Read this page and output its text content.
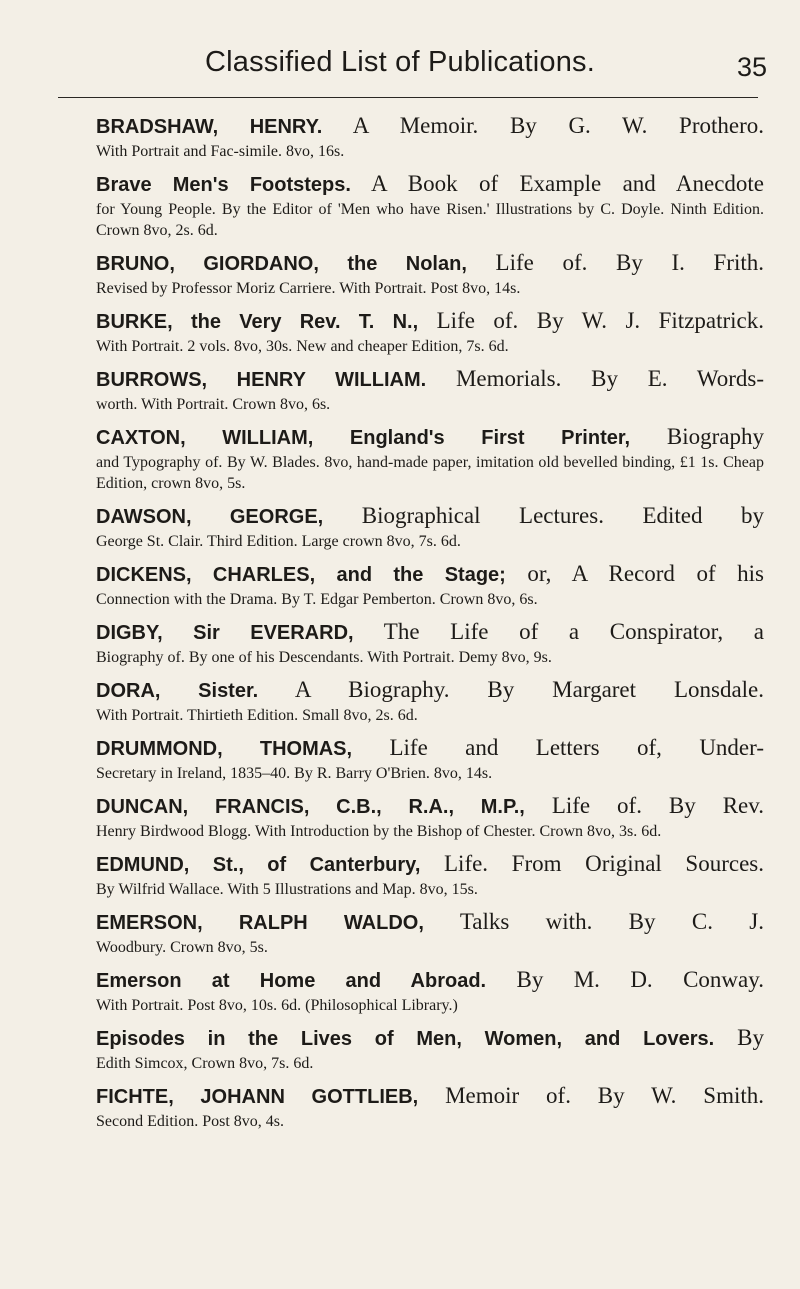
Classified List of Publications.	35
BRADSHAW, HENRY. A Memoir. By G. W. Prothero.
With Portrait and Fac-simile. 8vo, 16s.
Brave Men's Footsteps. A Book of Example and Anecdote
for Young People. By the Editor of 'Men who have Risen.' Illustrations by C. Doyle. Ninth Edition. Crown 8vo, 2s. 6d.
BRUNO, GIORDANO, the Nolan, Life of. By I. Frith.
Revised by Professor Moriz Carriere. With Portrait. Post 8vo, 14s.
BURKE, the Very Rev. T. N., Life of. By W. J. Fitzpatrick.
With Portrait. 2 vols. 8vo, 30s. New and cheaper Edition, 7s. 6d.
BURROWS, HENRY WILLIAM. Memorials. By E. Words-
worth. With Portrait. Crown 8vo, 6s.
CAXTON, WILLIAM, England's First Printer, Biography
and Typography of. By W. Blades. 8vo, hand-made paper, imitation old bevelled binding, £1 1s. Cheap Edition, crown 8vo, 5s.
DAWSON, GEORGE, Biographical Lectures. Edited by
George St. Clair. Third Edition. Large crown 8vo, 7s. 6d.
DICKENS, CHARLES, and the Stage; or, A Record of his
Connection with the Drama. By T. Edgar Pemberton. Crown 8vo, 6s.
DIGBY, Sir EVERARD, The Life of a Conspirator, a
Biography of. By one of his Descendants. With Portrait. Demy 8vo, 9s.
DORA, Sister. A Biography. By Margaret Lonsdale.
With Portrait. Thirtieth Edition. Small 8vo, 2s. 6d.
DRUMMOND, THOMAS, Life and Letters of, Under-
Secretary in Ireland, 1835–40. By R. Barry O'Brien. 8vo, 14s.
DUNCAN, FRANCIS, C.B., R.A., M.P., Life of. By Rev.
Henry Birdwood Blogg. With Introduction by the Bishop of Chester. Crown 8vo, 3s. 6d.
EDMUND, St., of Canterbury, Life. From Original Sources.
By Wilfrid Wallace. With 5 Illustrations and Map. 8vo, 15s.
EMERSON, RALPH WALDO, Talks with. By C. J.
Woodbury. Crown 8vo, 5s.
Emerson at Home and Abroad. By M. D. Conway.
With Portrait. Post 8vo, 10s. 6d. (Philosophical Library.)
Episodes in the Lives of Men, Women, and Lovers. By
Edith Simcox, Crown 8vo, 7s. 6d.
FICHTE, JOHANN GOTTLIEB, Memoir of. By W. Smith.
Second Edition. Post 8vo, 4s.
